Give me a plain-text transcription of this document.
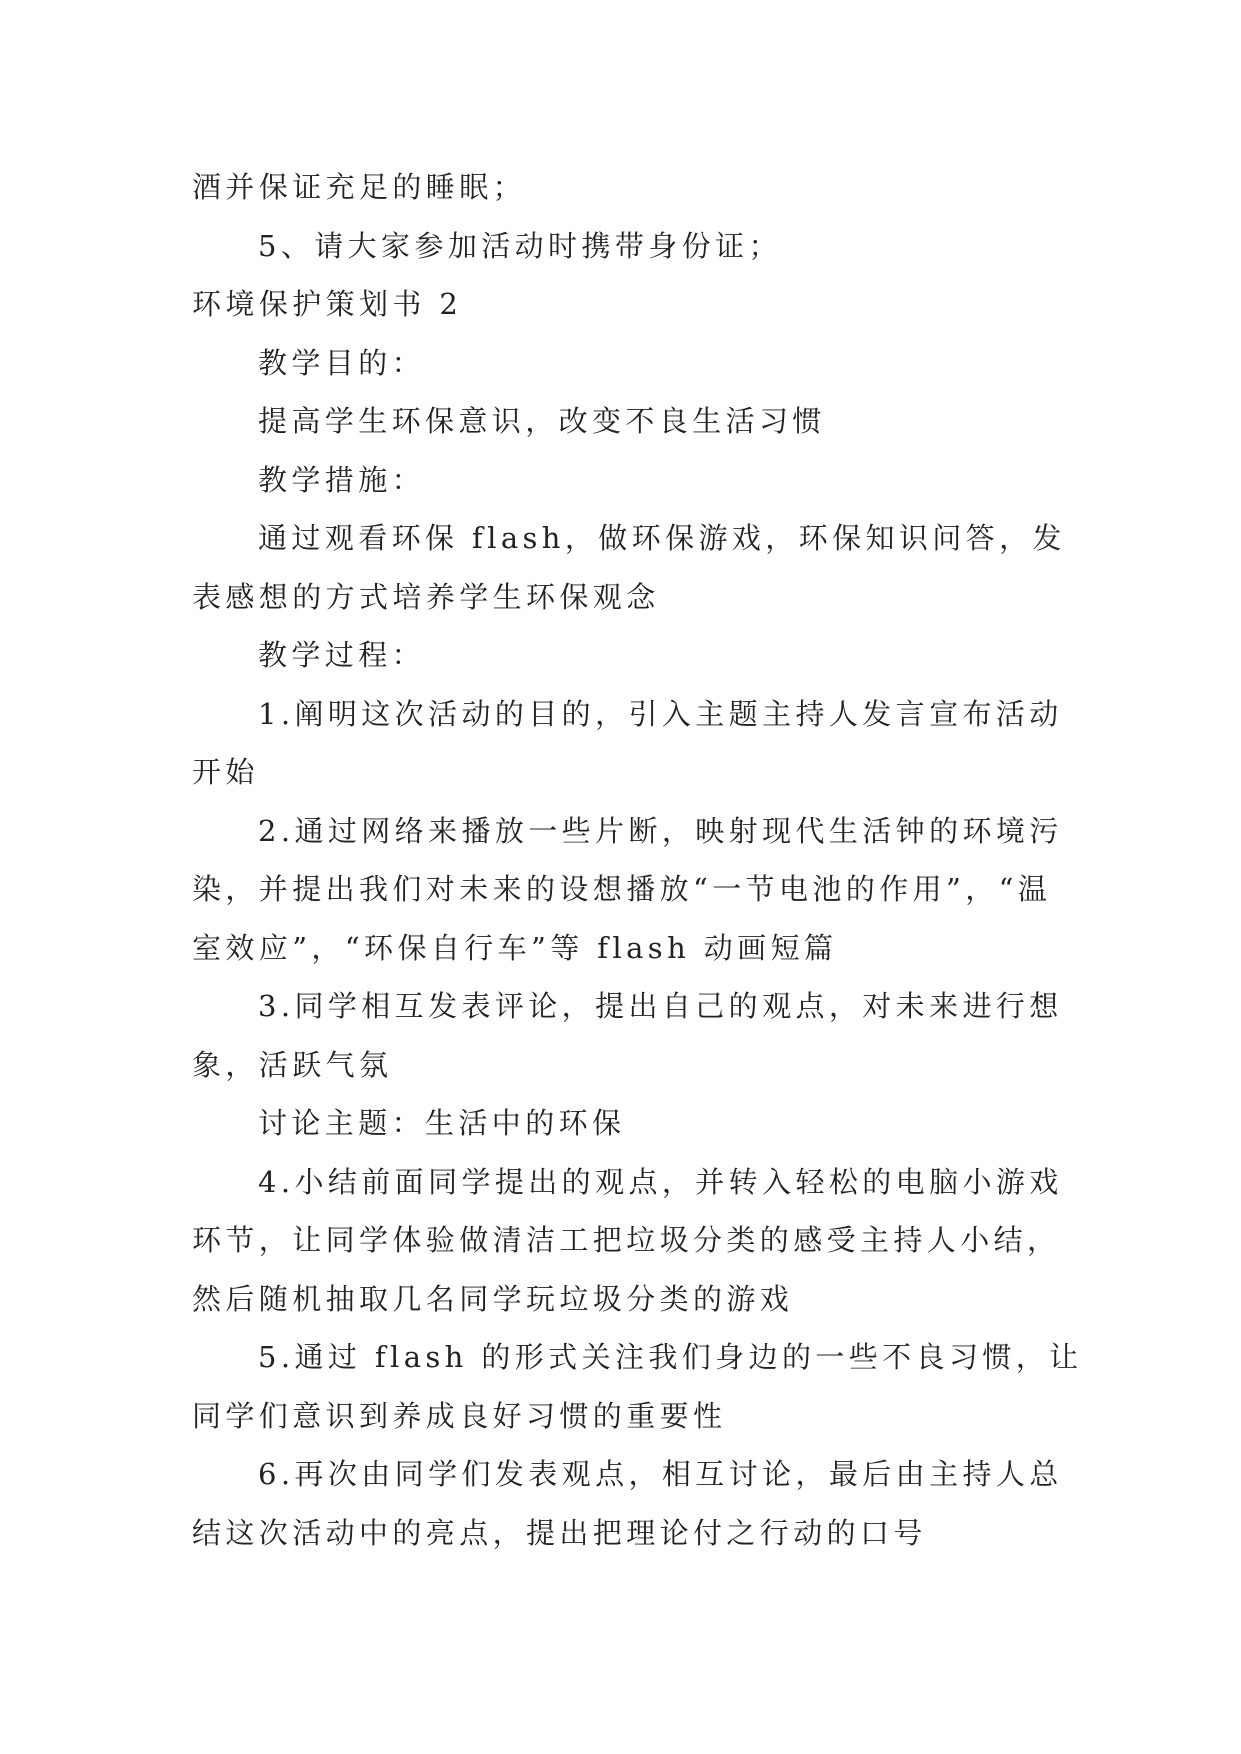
酒并保证充足的睡眠；
5、请大家参加活动时携带身份证；
环境保护策划书 2
教学目的：
提高学生环保意识，改变不良生活习惯
教学措施：
通过观看环保 flash，做环保游戏，环保知识问答，发
表感想的方式培养学生环保观念
教学过程：
1.阐明这次活动的目的，引入主题主持人发言宣布活动
开始
2.通过网络来播放一些片断，映射现代生活钟的环境污
染，并提出我们对未来的设想播放“一节电池的作用”，“温
室效应”，“环保自行车”等 flash 动画短篇
3.同学相互发表评论，提出自己的观点，对未来进行想
象，活跃气氛
讨论主题：生活中的环保
4.小结前面同学提出的观点，并转入轻松的电脑小游戏
环节，让同学体验做清洁工把垃圾分类的感受主持人小结，
然后随机抽取几名同学玩垃圾分类的游戏
5.通过 flash 的形式关注我们身边的一些不良习惯，让
同学们意识到养成良好习惯的重要性
6.再次由同学们发表观点，相互讨论，最后由主持人总
结这次活动中的亮点，提出把理论付之行动的口号
